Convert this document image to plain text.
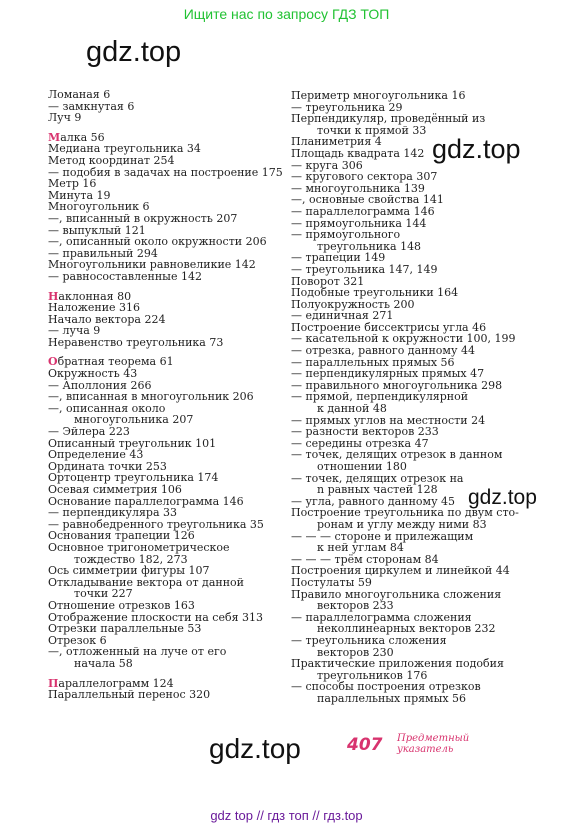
Ищите нас по запросу ГДЗ ТОП
gdz.top
gdz.top
gdz.top
gdz.top
Ломаная 6
— замкнутая 6
Луч 9
Малка 56
Медиана треугольника 34
Метод координат 254
— подобия в задачах на построение 175
Метр 16
Минута 19
Многоугольник 6
—, вписанный в окружность 207
— выпуклый 121
—, описанный около окружности 206
— правильный 294
Многоугольники равновеликие 142
— равносоставленные 142
Наклонная 80
Наложение 316
Начало вектора 224
— луча 9
Неравенство треугольника 73
Обратная теорема 61
Окружность 43
— Аполлония 266
—, вписанная в многоугольник 206
—, описанная около
многоугольника 207
— Эйлера 223
Описанный треугольник 101
Определение 43
Ордината точки 253
Ортоцентр треугольника 174
Осевая симметрия 106
Основание параллелограмма 146
— перпендикуляра 33
— равнобедренного треугольника 35
Основания трапеции 126
Основное тригонометрическое
тождество 182, 273
Ось симметрии фигуры 107
Откладывание вектора от данной
точки 227
Отношение отрезков 163
Отображение плоскости на себя 313
Отрезки параллельные 53
Отрезок 6
—, отложенный на луче от его
начала 58
Параллелограмм 124
Параллельный перенос 320
Периметр многоугольника 16
— треугольника 29
Перпендикуляр, проведённый из
точки к прямой 33
Планиметрия 4
Площадь квадрата 142
— круга 306
— кругового сектора 307
— многоугольника 139
—, основные свойства 141
— параллелограмма 146
— прямоугольника 144
— прямоугольного
треугольника 148
— трапеции 149
— треугольника 147, 149
Поворот 321
Подобные треугольники 164
Полуокружность 200
— единичная 271
Построение биссектрисы угла 46
— касательной к окружности 100, 199
— отрезка, равного данному 44
— параллельных прямых 56
— перпендикулярных прямых 47
— правильного многоугольника 298
— прямой, перпендикулярной
к данной 48
— прямых углов на местности 24
— разности векторов 233
— середины отрезка 47
— точек, делящих отрезок в данном
отношении 180
— точек, делящих отрезок на
n равных частей 128
— угла, равного данному 45
Построение треугольника по двум сто-
ронам и углу между ними 83
— — — стороне и прилежащим
к ней углам 84
— — — трём сторонам 84
Построения циркулем и линейкой 44
Постулаты 59
Правило многоугольника сложения
векторов 233
— параллелограмма сложения
неколлинеарных векторов 232
— треугольника сложения
векторов 230
Практические приложения подобия
треугольников 176
— способы построения отрезков
параллельных прямых 56
407 Предметный
указатель
gdz top // гдз топ // гдз.top
